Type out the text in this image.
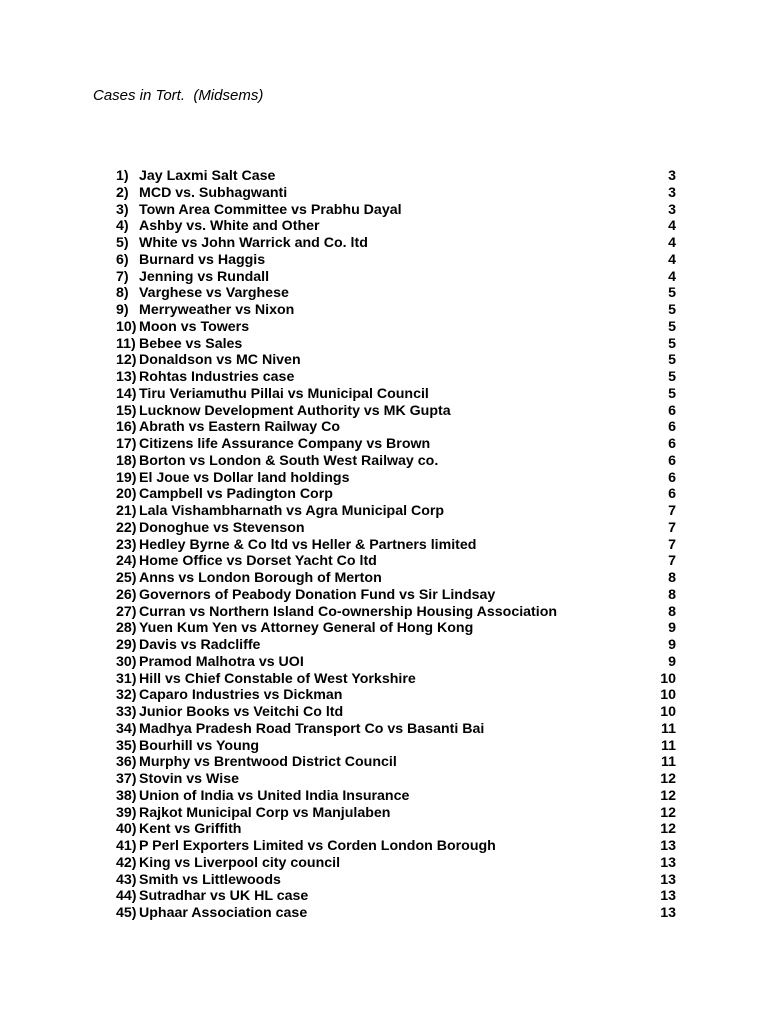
Cases in Tort.  (Midsems)
1) Jay Laxmi Salt Case	3
2) MCD vs. Subhagwanti	3
3) Town Area Committee vs Prabhu Dayal	3
4) Ashby vs. White and Other	4
5) White vs John Warrick and Co. ltd	4
6) Burnard vs Haggis	4
7) Jenning vs Rundall	4
8) Varghese vs Varghese	5
9) Merryweather vs Nixon	5
10) Moon vs Towers	5
11) Bebee vs Sales	5
12) Donaldson vs MC Niven	5
13) Rohtas Industries case	5
14) Tiru Veriamuthu Pillai vs Municipal Council	5
15) Lucknow Development Authority vs MK Gupta	6
16) Abrath vs Eastern Railway Co	6
17) Citizens life Assurance Company vs Brown	6
18) Borton vs London & South West Railway co.	6
19) El Joue vs Dollar land holdings	6
20) Campbell vs Padington Corp	6
21) Lala Vishambharnath vs Agra Municipal Corp	7
22) Donoghue vs Stevenson	7
23) Hedley Byrne & Co ltd vs Heller & Partners limited	7
24) Home Office vs Dorset Yacht Co ltd	7
25) Anns vs London Borough of Merton	8
26) Governors of Peabody Donation Fund vs Sir Lindsay	8
27) Curran vs Northern Island Co-ownership Housing Association	8
28) Yuen Kum Yen vs Attorney General of Hong Kong	9
29) Davis vs Radcliffe	9
30) Pramod Malhotra vs UOI	9
31) Hill vs Chief Constable of West Yorkshire	10
32) Caparo Industries vs Dickman	10
33) Junior Books vs Veitchi Co ltd	10
34) Madhya Pradesh Road Transport Co vs Basanti Bai	11
35) Bourhill vs Young	11
36) Murphy vs Brentwood District Council	11
37) Stovin vs Wise	12
38) Union of India vs United India Insurance	12
39) Rajkot Municipal Corp vs Manjulaben	12
40) Kent vs Griffith	12
41) P Perl Exporters Limited vs Corden London Borough	13
42) King vs Liverpool city council	13
43) Smith vs Littlewoods	13
44) Sutradhar vs UK HL case	13
45) Uphaar Association case	13
